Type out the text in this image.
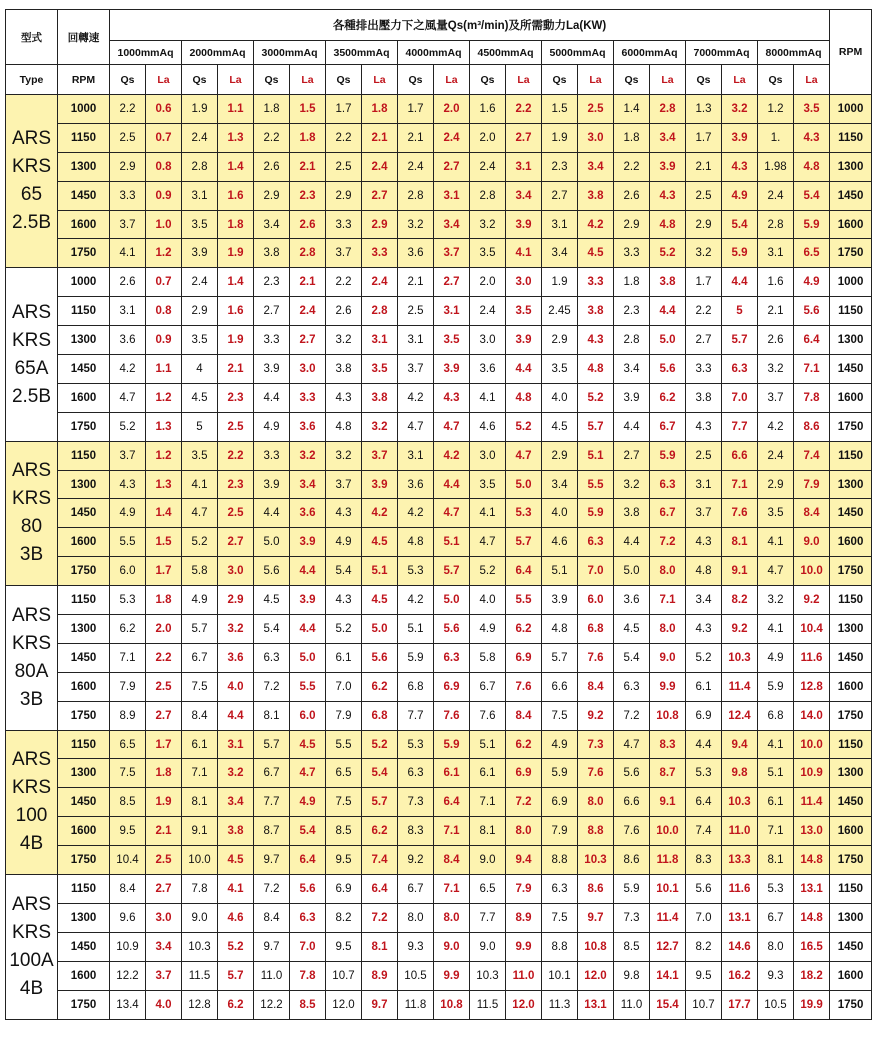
型式	回轉速	各種排出壓力下之風量Qs(m³/min)及所需動力La(KW)																				RPM
		1000mmAq		2000mmAq		3000mmAq		3500mmAq		4000mmAq		4500mmAq		5000mmAq		6000mmAq		7000mmAq		8000mmAq		
Type	RPM	Qs	La	Qs	La	Qs	La	Qs	La	Qs	La	Qs	La	Qs	La	Qs	La	Qs	La	Qs	La	

ARS
KRS
65
2.5B	1000	2.2	0.6	1.9	1.1	1.8	1.5	1.7	1.8	1.7	2.0	1.6	2.2	1.5	2.5	1.4	2.8	1.3	3.2	1.2	3.5	1000
	1150	2.5	0.7	2.4	1.3	2.2	1.8	2.2	2.1	2.1	2.4	2.0	2.7	1.9	3.0	1.8	3.4	1.7	3.9	1.	4.3	1150
	1300	2.9	0.8	2.8	1.4	2.6	2.1	2.5	2.4	2.4	2.7	2.4	3.1	2.3	3.4	2.2	3.9	2.1	4.3	1.98	4.8	1300
	1450	3.3	0.9	3.1	1.6	2.9	2.3	2.9	2.7	2.8	3.1	2.8	3.4	2.7	3.8	2.6	4.3	2.5	4.9	2.4	5.4	1450
	1600	3.7	1.0	3.5	1.8	3.4	2.6	3.3	2.9	3.2	3.4	3.2	3.9	3.1	4.2	2.9	4.8	2.9	5.4	2.8	5.9	1600
	1750	4.1	1.2	3.9	1.9	3.8	2.8	3.7	3.3	3.6	3.7	3.5	4.1	3.4	4.5	3.3	5.2	3.2	5.9	3.1	6.5	1750

ARS
KRS
65A
2.5B	1000	2.6	0.7	2.4	1.4	2.3	2.1	2.2	2.4	2.1	2.7	2.0	3.0	1.9	3.3	1.8	3.8	1.7	4.4	1.6	4.9	1000
	1150	3.1	0.8	2.9	1.6	2.7	2.4	2.6	2.8	2.5	3.1	2.4	3.5	2.45	3.8	2.3	4.4	2.2	5	2.1	5.6	1150
	1300	3.6	0.9	3.5	1.9	3.3	2.7	3.2	3.1	3.1	3.5	3.0	3.9	2.9	4.3	2.8	5.0	2.7	5.7	2.6	6.4	1300
	1450	4.2	1.1	4	2.1	3.9	3.0	3.8	3.5	3.7	3.9	3.6	4.4	3.5	4.8	3.4	5.6	3.3	6.3	3.2	7.1	1450
	1600	4.7	1.2	4.5	2.3	4.4	3.3	4.3	3.8	4.2	4.3	4.1	4.8	4.0	5.2	3.9	6.2	3.8	7.0	3.7	7.8	1600
	1750	5.2	1.3	5	2.5	4.9	3.6	4.8	3.2	4.7	4.7	4.6	5.2	4.5	5.7	4.4	6.7	4.3	7.7	4.2	8.6	1750

ARS
KRS
80
3B	1150	3.7	1.2	3.5	2.2	3.3	3.2	3.2	3.7	3.1	4.2	3.0	4.7	2.9	5.1	2.7	5.9	2.5	6.6	2.4	7.4	1150
	1300	4.3	1.3	4.1	2.3	3.9	3.4	3.7	3.9	3.6	4.4	3.5	5.0	3.4	5.5	3.2	6.3	3.1	7.1	2.9	7.9	1300
	1450	4.9	1.4	4.7	2.5	4.4	3.6	4.3	4.2	4.2	4.7	4.1	5.3	4.0	5.9	3.8	6.7	3.7	7.6	3.5	8.4	1450
	1600	5.5	1.5	5.2	2.7	5.0	3.9	4.9	4.5	4.8	5.1	4.7	5.7	4.6	6.3	4.4	7.2	4.3	8.1	4.1	9.0	1600
	1750	6.0	1.7	5.8	3.0	5.6	4.4	5.4	5.1	5.3	5.7	5.2	6.4	5.1	7.0	5.0	8.0	4.8	9.1	4.7	10.0	1750

ARS
KRS
80A
3B	1150	5.3	1.8	4.9	2.9	4.5	3.9	4.3	4.5	4.2	5.0	4.0	5.5	3.9	6.0	3.6	7.1	3.4	8.2	3.2	9.2	1150
	1300	6.2	2.0	5.7	3.2	5.4	4.4	5.2	5.0	5.1	5.6	4.9	6.2	4.8	6.8	4.5	8.0	4.3	9.2	4.1	10.4	1300
	1450	7.1	2.2	6.7	3.6	6.3	5.0	6.1	5.6	5.9	6.3	5.8	6.9	5.7	7.6	5.4	9.0	5.2	10.3	4.9	11.6	1450
	1600	7.9	2.5	7.5	4.0	7.2	5.5	7.0	6.2	6.8	6.9	6.7	7.6	6.6	8.4	6.3	9.9	6.1	11.4	5.9	12.8	1600
	1750	8.9	2.7	8.4	4.4	8.1	6.0	7.9	6.8	7.7	7.6	7.6	8.4	7.5	9.2	7.2	10.8	6.9	12.4	6.8	14.0	1750

ARS
KRS
100
4B	1150	6.5	1.7	6.1	3.1	5.7	4.5	5.5	5.2	5.3	5.9	5.1	6.2	4.9	7.3	4.7	8.3	4.4	9.4	4.1	10.0	1150
	1300	7.5	1.8	7.1	3.2	6.7	4.7	6.5	5.4	6.3	6.1	6.1	6.9	5.9	7.6	5.6	8.7	5.3	9.8	5.1	10.9	1300
	1450	8.5	1.9	8.1	3.4	7.7	4.9	7.5	5.7	7.3	6.4	7.1	7.2	6.9	8.0	6.6	9.1	6.4	10.3	6.1	11.4	1450
	1600	9.5	2.1	9.1	3.8	8.7	5.4	8.5	6.2	8.3	7.1	8.1	8.0	7.9	8.8	7.6	10.0	7.4	11.0	7.1	13.0	1600
	1750	10.4	2.5	10.0	4.5	9.7	6.4	9.5	7.4	9.2	8.4	9.0	9.4	8.8	10.3	8.6	11.8	8.3	13.3	8.1	14.8	1750

ARS
KRS
100A
4B	1150	8.4	2.7	7.8	4.1	7.2	5.6	6.9	6.4	6.7	7.1	6.5	7.9	6.3	8.6	5.9	10.1	5.6	11.6	5.3	13.1	1150
	1300	9.6	3.0	9.0	4.6	8.4	6.3	8.2	7.2	8.0	8.0	7.7	8.9	7.5	9.7	7.3	11.4	7.0	13.1	6.7	14.8	1300
	1450	10.9	3.4	10.3	5.2	9.7	7.0	9.5	8.1	9.3	9.0	9.0	9.9	8.8	10.8	8.5	12.7	8.2	14.6	8.0	16.5	1450
	1600	12.2	3.7	11.5	5.7	11.0	7.8	10.7	8.9	10.5	9.9	10.3	11.0	10.1	12.0	9.8	14.1	9.5	16.2	9.3	18.2	1600
	1750	13.4	4.0	12.8	6.2	12.2	8.5	12.0	9.7	11.8	10.8	11.5	12.0	11.3	13.1	11.0	15.4	10.7	17.7	10.5	19.9	1750
